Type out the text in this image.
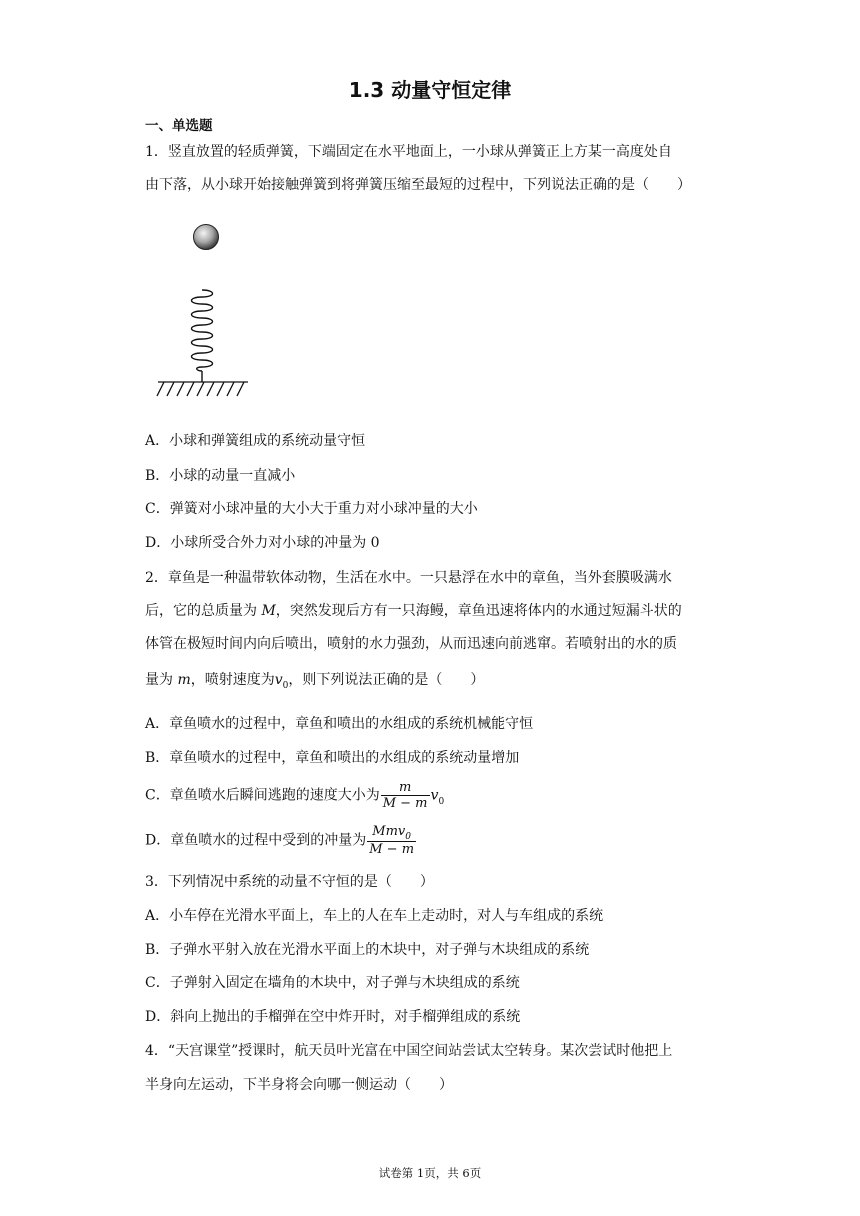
1.3 动量守恒定律
一、单选题
1．竖直放置的轻质弹簧，下端固定在水平地面上，一小球从弹簧正上方某一高度处自
由下落，从小球开始接触弹簧到将弹簧压缩至最短的过程中，下列说法正确的是（　　）
A．小球和弹簧组成的系统动量守恒
B．小球的动量一直减小
C．弹簧对小球冲量的大小大于重力对小球冲量的大小
D．小球所受合外力对小球的冲量为 0
2．章鱼是一种温带软体动物，生活在水中。一只悬浮在水中的章鱼，当外套膜吸满水
后，它的总质量为 M，突然发现后方有一只海鳗，章鱼迅速将体内的水通过短漏斗状的
体管在极短时间内向后喷出，喷射的水力强劲，从而迅速向前逃窜。若喷射出的水的质
量为 m，喷射速度为$v_0$，则下列说法正确的是（　　）
A．章鱼喷水的过程中，章鱼和喷出的水组成的系统机械能守恒
B．章鱼喷水的过程中，章鱼和喷出的水组成的系统动量增加
C．章鱼喷水后瞬间逃跑的速度大小为 $\frac{m}{M - m} v_0$
D．章鱼喷水的过程中受到的冲量为 $\frac{Mmv_0}{M - m}$
3．下列情况中系统的动量不守恒的是（　　）
A．小车停在光滑水平面上，车上的人在车上走动时，对人与车组成的系统
B．子弹水平射入放在光滑水平面上的木块中，对子弹与木块组成的系统
C．子弹射入固定在墙角的木块中，对子弹与木块组成的系统
D．斜向上抛出的手榴弹在空中炸开时，对手榴弹组成的系统
4．“天宫课堂”授课时，航天员叶光富在中国空间站尝试太空转身。某次尝试时他把上
半身向左运动，下半身将会向哪一侧运动（　　）
试卷第 1页，共 6页
